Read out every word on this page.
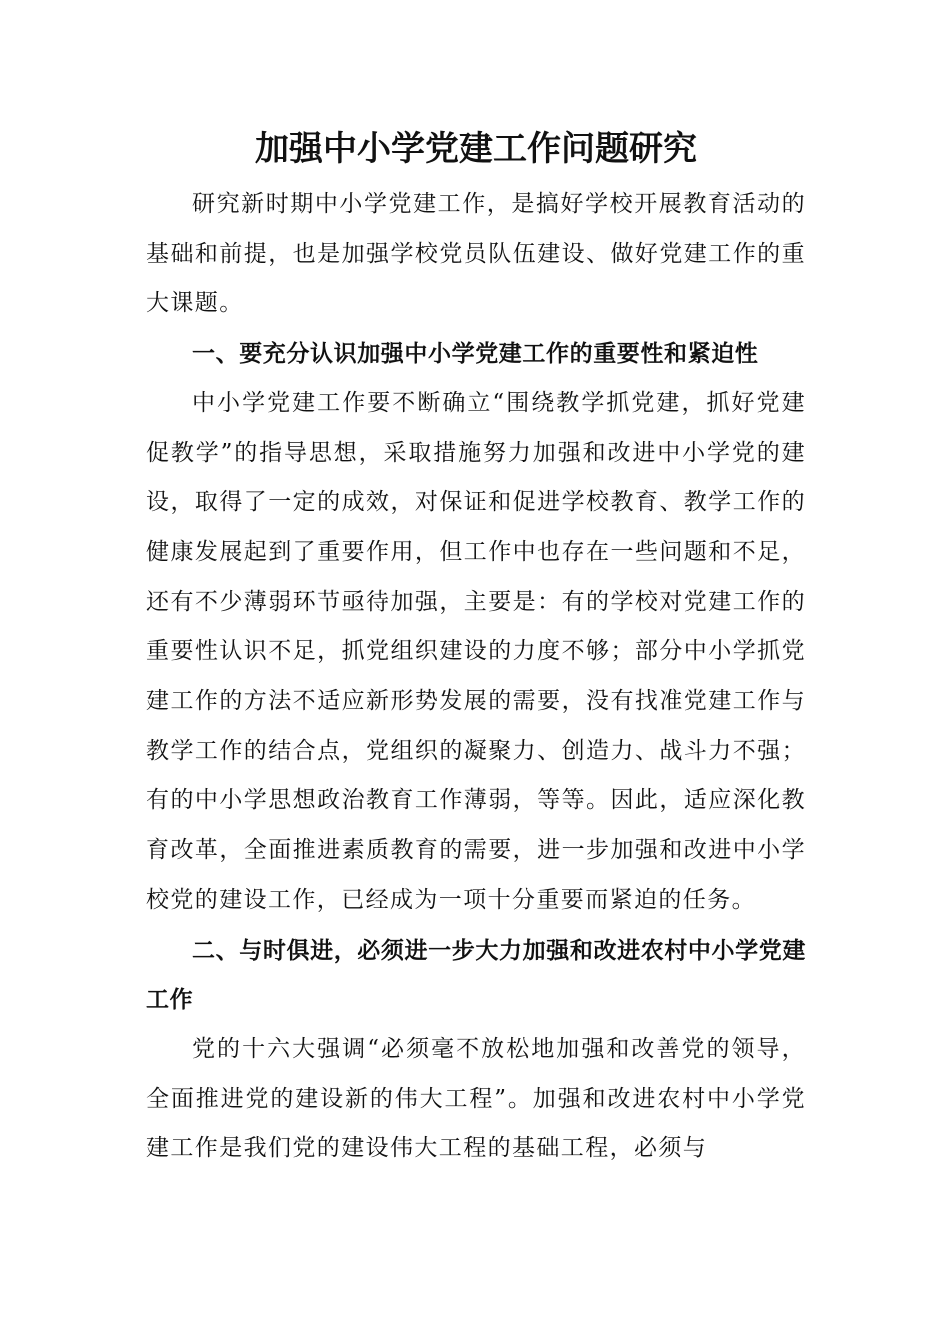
加强中小学党建工作问题研究

研究新时期中小学党建工作，是搞好学校开展教育活动的基础和前提，也是加强学校党员队伍建设、做好党建工作的重大课题。

一、要充分认识加强中小学党建工作的重要性和紧迫性

中小学党建工作要不断确立“围绕教学抓党建，抓好党建促教学”的指导思想，采取措施努力加强和改进中小学党的建设，取得了一定的成效，对保证和促进学校教育、教学工作的健康发展起到了重要作用，但工作中也存在一些问题和不足，还有不少薄弱环节亟待加强，主要是：有的学校对党建工作的重要性认识不足，抓党组织建设的力度不够；部分中小学抓党建工作的方法不适应新形势发展的需要，没有找准党建工作与教学工作的结合点，党组织的凝聚力、创造力、战斗力不强；有的中小学思想政治教育工作薄弱，等等。因此，适应深化教育改革，全面推进素质教育的需要，进一步加强和改进中小学校党的建设工作，已经成为一项十分重要而紧迫的任务。

二、与时俱进，必须进一步大力加强和改进农村中小学党建工作

党的十六大强调“必须毫不放松地加强和改善党的领导，全面推进党的建设新的伟大工程”。加强和改进农村中小学党建工作是我们党的建设伟大工程的基础工程，必须与
